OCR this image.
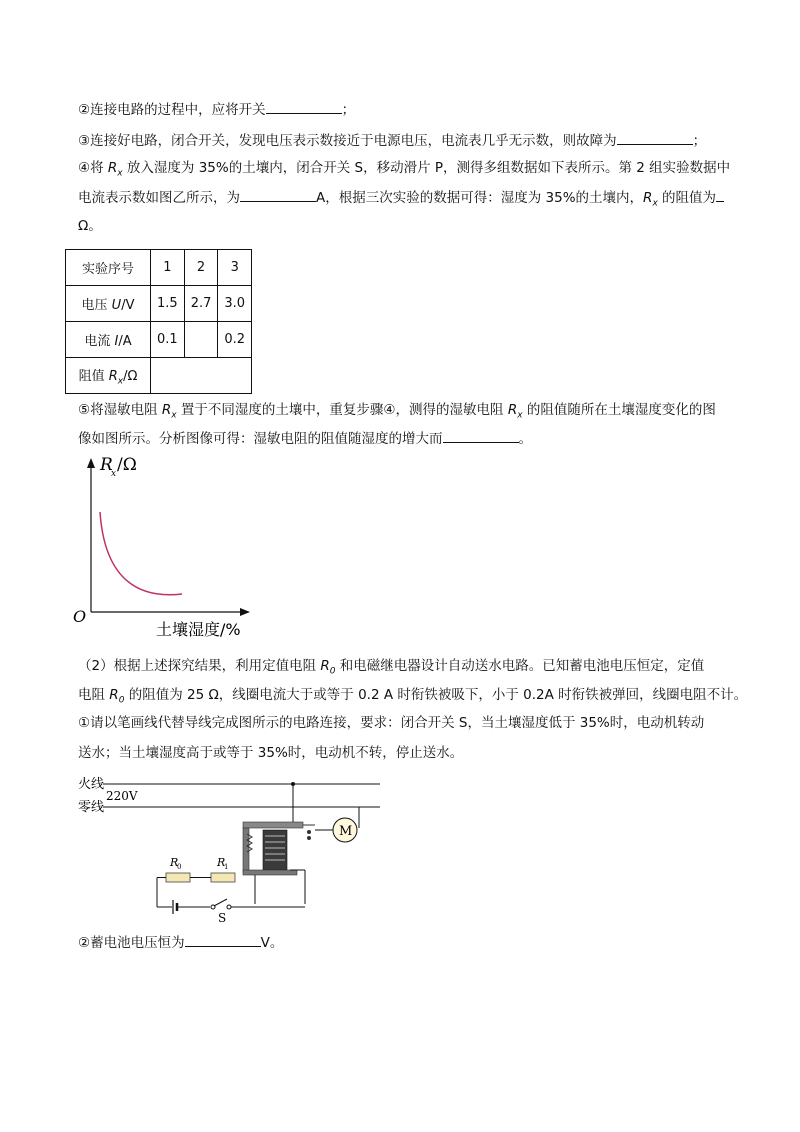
②连接电路的过程中，应将开关	；
③连接好电路，闭合开关，发现电压表示数接近于电源电压，电流表几乎无示数，则故障为	；
④将 $R_x$ 放入湿度为 35%的土壤内，闭合开关 S，移动滑片 P，测得多组数据如下表所示。第 2 组实验数据中
电流表示数如图乙所示，为	A，根据三次实验的数据可得：湿度为 35%的土壤内，$R_x$ 的阻值为
Ω。
实验序号	1	2	3
电压 U/V	1.5	2.7	3.0
电流 I/A	0.1		0.2
阻值 $R_x/\Omega$			
⑤将湿敏电阻 $R_x$ 置于不同湿度的土壤中，重复步骤④，测得的湿敏电阻 $R_x$ 的阻值随所在土壤湿度变化的图
像如图所示。分析图像可得：湿敏电阻的阻值随湿度的增大而	。
R
x /Ω
O
土壤湿度/%
（2）根据上述探究结果，利用定值电阻 $R_0$ 和电磁继电器设计自动送水电路。已知蓄电池电压恒定，定值
电阻 $R_0$ 的阻值为 25 Ω，线圈电流大于或等于 0.2 A 时衔铁被吸下，小于 0.2A 时衔铁被弹回，线圈电阻不计。
①请以笔画线代替导线完成图所示的电路连接，要求：闭合开关 S，当土壤湿度低于 35%时，电动机转动
送水；当土壤湿度高于或等于 35%时，电动机不转，停止送水。
火线
零线
220V
M
R
0	R
1
S
②蓄电池电压恒为	V。
